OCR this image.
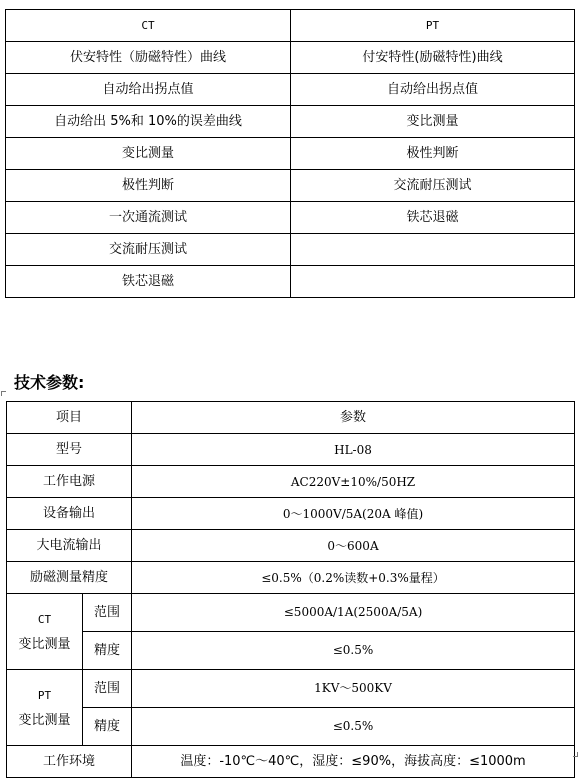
CT	PT
伏安特性（励磁特性）曲线	付安特性(励磁特性)曲线
自动给出拐点值	自动给出拐点值
自动给出 5%和 10%的误差曲线	变比测量
变比测量	极性判断
极性判断	交流耐压测试
一次通流测试	铁芯退磁
交流耐压测试	
铁芯退磁	
技术参数:
项目		参数
型号		HL-08
工作电源		AC220V±10%/50HZ
设备输出		0～1000V/5A(20A 峰值)
大电流输出		0～600A
励磁测量精度		≤0.5%（0.2%读数+0.3%量程）
CT	范围	≤5000A/1A(2500A/5A)
变比测量	精度	≤0.5%
PT	范围	1KV～500KV
变比测量	精度	≤0.5%
工作环境		温度：-10℃～40℃，湿度：≤90%，海拔高度：≤1000m
